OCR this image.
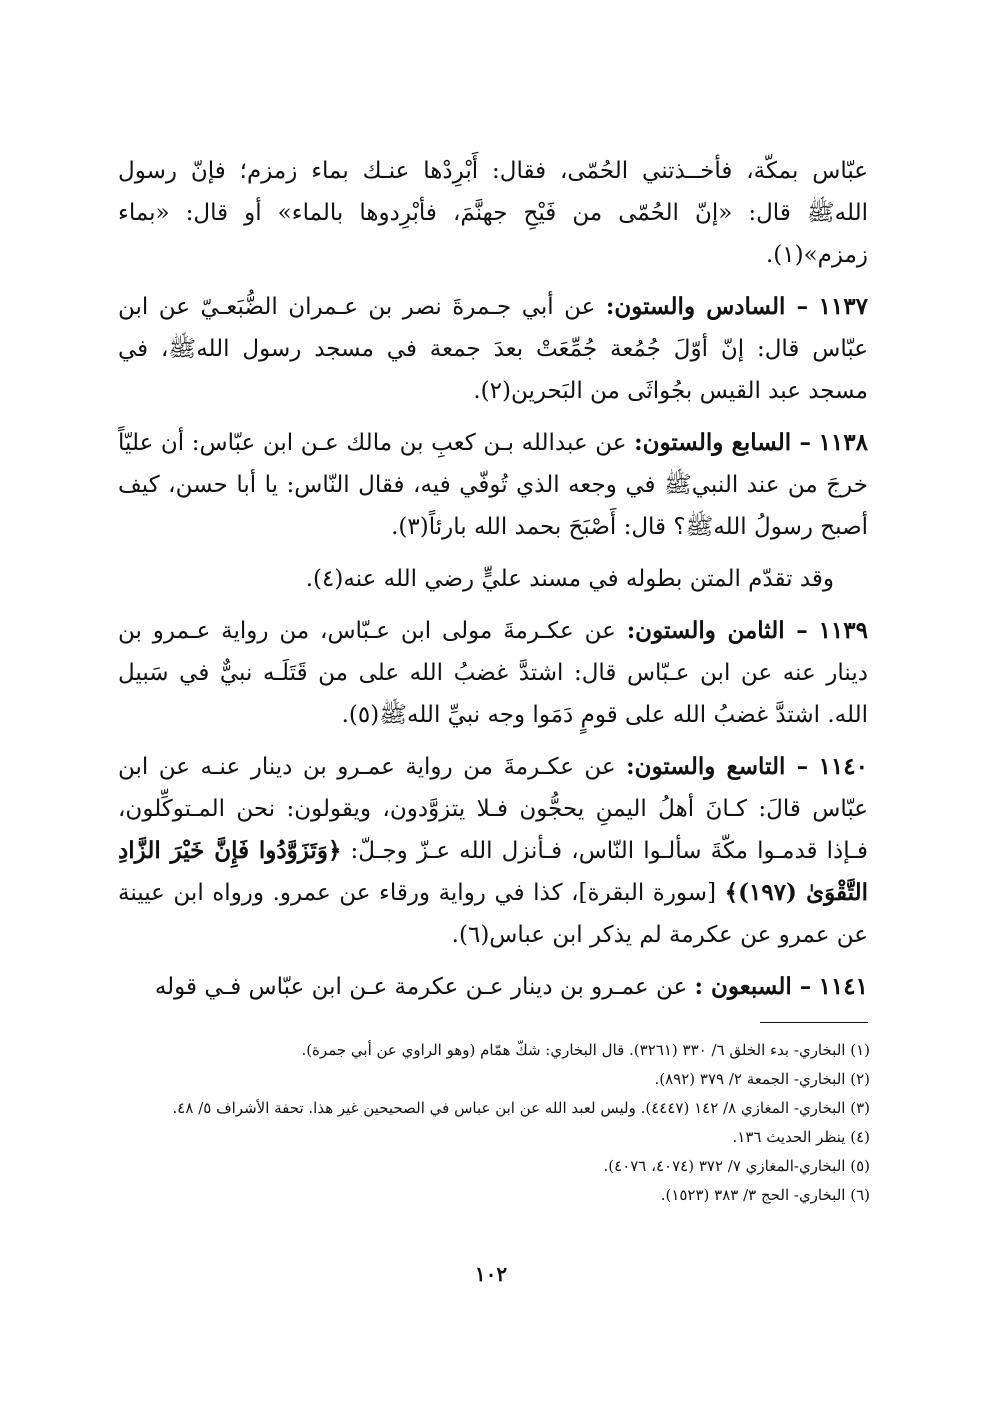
عبّاس بمكّة، فأخــذتني الحُمّى، فقال: أَبْرِدْها عنـك بماء زمزم؛ فإنّ رسول اللهﷺ قال: «إنّ الحُمّى من فَيْحِ جهنَّمَ، فأبْرِدوها بالماء» أو قال: «بماء زمزم»(١).

١١٣٧ – السادس والستون: عن أبي جـمرةَ نصر بن عـمران الضُّبَعـيّ عن ابن عبّاس قال: إنّ أوّلَ جُمُعة جُمِّعَتْ بعدَ جمعة في مسجد رسول اللهﷺ، في مسجد عبد القيس بجُواثَى من البَحرين(٢).

١١٣٨ – السابع والستون: عن عبدالله بـن كعبِ بن مالك عـن ابن عبّاس: أن عليّاً خرجَ من عند النبيﷺ في وجعه الذي تُوفّي فيه، فقال النّاس: يا أبا حسن، كيف أصبح رسولُ اللهﷺ؟ قال: أَصْبَحَ بحمد الله بارئاً(٣).

وقد تقدّم المتن بطوله في مسند عليٍّ رضي الله عنه(٤).

١١٣٩ – الثامن والستون: عن عكـرمةَ مولى ابن عـبّاس، من رواية عـمرو بن دينار عنه عن ابن عـبّاس قال: اشتدَّ غضبُ الله على من قَتَلَـه نبيٌّ في سَبيل الله. اشتدَّ غضبُ الله على قومٍ دَمَوا وجه نبيِّ اللهﷺ(٥).

١١٤٠ – التاسع والستون: عن عكـرمةَ من رواية عمـرو بن دينار عنـه عن ابن عبّاس قالَ: كـانَ أهلُ اليمنِ يحجُّون فـلا يتزوَّدون، ويقولون: نحن المـتوكِّلون، فـإذا قدمـوا مكّةَ سألـوا النّاس، فـأنزل الله عـزّ وجـلّ: ﴿وَتَزَوَّدُوا فَإِنَّ خَيْرَ الزَّادِ التَّقْوَىٰ (١٩٧)﴾ [سورة البقرة]، كذا في رواية ورقاء عن عمرو. ورواه ابن عيينة عن عمرو عن عكرمة لم يذكر ابن عباس(٦).

١١٤١ – السبعون : عن عمـرو بن دينار عـن عكرمة عـن ابن عبّاس فـي قوله

(١) البخاري- بدء الخلق ٦/ ٣٣٠ (٣٢٦١). قال البخاري: شكّ همّام (وهو الراوي عن أبي جمرة).

(٢) البخاري- الجمعة ٢/ ٣٧٩ (٨٩٢).

(٣) البخاري- المغازي ٨/ ١٤٢ (٤٤٤٧). وليس لعبد الله عن ابن عباس في الصحيحين غير هذا. تحفة الأشراف ٥/ ٤٨.

(٤) ينظر الحديث ١٣٦.

(٥) البخاري-المغازي ٧/ ٣٧٢ (٤٠٧٤، ٤٠٧٦).

(٦) البخاري- الحج ٣/ ٣٨٣ (١٥٢٣).

١٠٢
